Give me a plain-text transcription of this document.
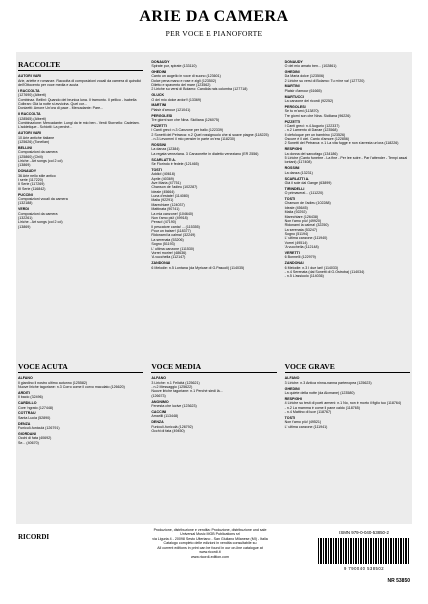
ARIE DA CAMERA
PER VOCE E PIANOFORTE
RACCOLTE
AUTORI VARI
Arie, ariette e romanze. Raccolta di composizioni vocali da camera di quindici dell'Ottocento per voce media e acuta
I RACCOLTA
(127690) (Alberti)
Combinaz. Bellini: Quando del brunica luna. Il tramonto. Il pellico - Isabella Colbran: Già la notte si avvicina. Quel cor...
Donizetti: Amore Un'ora di pace - Mercadante: Pare...
II RACCOLTA
(128565) (Alberti)
Combinazione: Mercadante: Lungi da te mio ben - Verdi Stornello: Cadetam. L'addetique - Schiotti: La perchè...
AUTORI VARI
10 Arie antiche italiane
(125626) (Tonellan)
BELLINI
Composizioni da camera
(125860) (Chili)
Liriche - Art songs (col 2 cd)
(13869)
DONAUDY
36 Arie nello stile antico
I serie (117220)
II Serie (117269)
III Serie (116842)
PUCCINI
Composizioni vocali da camera
(132188)
VERDI
Composizioni da camera
(132261)
Liriche - Art songs (col 2 cd)
(13869)
DONAUDY
Spirate pur, spirate (133110)
GHEDINI
Canto un augello in voce di suono (123601)
Dolce pena mano e rose e zigli (123502)
Diletto e spavento del mare (123562)
2 Liriche su versi di Bolamo: Candida rais colomba (127718)
GLUCK
O del mio dolce ardor!! (13369)
MARTINI
Plaisir d'amour (121041)
PERGOLESI
Tre giorni son che Nina. Siciliana (126075)
PIZZETTI
I Canti greci: n.3 Canzone per ballo (122339)
2 Sonetti del Petrarca: n.2 Quel rossignuolo che si soave piagne (118225)
- n.3 Levommi il mio pensier in parte ov'era (118230)
ROSSINI
La danza (12384)
La regata veneziana. 3 Canzonette in dialetto veneziano (ER 2556)
SCARLATTI A.
Se Florindo è fedele (121465)
TOSTI
Addio! (40618)
Aprile (40369)
Ave Maria (47751)
Chanson de l'adieu (102287)
Ideale (45664)
Luna d'estate! (114080)
Malia (92291)
Marechiare (124037)
Mattinata (90741)
La mia canzone! (104640)
Non t'amo più! (49918)
Penso! (47190)
Il pescatore canta! ... (115355)
Pour un baiser! (118377)
Ridonami la calma! (32249)
La serenata (53206)
Sogno (51193)
L' ultima canzone (111530)
Vorrei morire! (48636)
'A vucchella (112147)
ZANDONAI
6 Melodie: n.5 Lontana (da Myricae di G.Pascoli) (114035)
DONAUDY
O del mio amato ben... (102861)
GHEDINI
Da Maria dolce (123506)
2 Liriche su versi di Bolamo: Tu m'ne va! (127720)
MARTINI
Plaisir d'amour (61665)
MARTUCCI
La canzone dei ricordi (92252)
PERGOLESI
Se tu m'ami (113870)
Tre giorni son che Nina. Siciliana (96226)
PIZZETTI
I Canti greci: n.4 Augurio (122337)
- n.2 Lamento di Danae (123568)
Il clefoloque per un bambino (123526)
Oscure è il ciel. Canto d'amore (122856)
2 Sonetti del Petrarca: n.1 La vita fugge e non s'arresta un'ora (118226)
RESPIGHI
La donna del sarcofago (134186)
5 Liriche (Canto funebre - La fine - Per lee solre - Par l'attender - Tempi assai lontani) (117408)
ROSSINI
La danza (13231)
SCARLATTI A.
Già il sole dal Gange (63899)
TIRINDELLI
O primavera!... (111220)
TOSTI
Chanson de l'adieu (102288)
Ideale (45645)
Malia (92292)
Marechiare (126438)
Non t'amo più! (49920)
Ridonami la calma! (32250)
La serenata (53247)
Sogno (51194)
L' ultima canzone (111940)
Vorrei (49514)
'A vucchella (112148)
VERETTI
6 Bonnelli (122979)
ZANDONAI
6 Melodie: n.3 I due lari! (114033)
- n.4 Serenata (dai Sonetti di G.Ostroba) (114034)
- n.5 L'assiuolo (114036)
VOCE ACUTA
ALFANO
Il giardino il nostro ultimo autunno (125582)
Nuove liriche tagoriane: n.3 Corro come il corvo maculato (126620)
ARDITI
Il bacio (32496)
CARDILLO
Core 'ngrato (127448)
COTTRAU
Santa Lucia (52890)
DENZA
Funiculì-funiculà (126791)
GIORDANI
Occhi di fata (40692)
Se... (40670)
VOCE MEDIA
ALFANO
3 Liriche: n.1 Felicità (125621)
- n.2 Messaggio (125622)
Nuove liriche tagoriane: n.1 Perché siedi là...
(126673)
ANONIMO
Fenesta che lucive (123623)
CACCINI
Amarilli (113448)
DENZA
Funiculì-funiculà (126792)
Occhi di fata (49450)
VOCE GRAVE
ALFANO
3 Liriche: n.3 Antica ninna-nanna partenopea (125623)
GHEDINI
La quiete della notte (da Alcmane) (123580)
RESPIGHI
4 Liriche su testi di poeti armeni: n.1 No, non è morto il figlio tuo (118764)
- n.2 La mamma è come il pane caldo (118765)
- n.4 Mattino di luce (118767)
TOSTI
Non t'amo più! (49521)
L' ultima canzone (111941)
RICORDI
Produzione, distribuzione e vendita: Produzione, distribuzione und sale
Universal Music MGB Publications srl
via Liguria 4 - 20098 Sesto Ulteriano - San Giuliano Milanese (MI) - Italia
Catalogo completo delle edizioni in vendita consultabile su
All current editions in print can be found in our on-line catalogue at
www.ricordi.it
www.ricordi-edition.com
ISMN 979-0-040-53850-2
9 790040 538502
NR 53850
